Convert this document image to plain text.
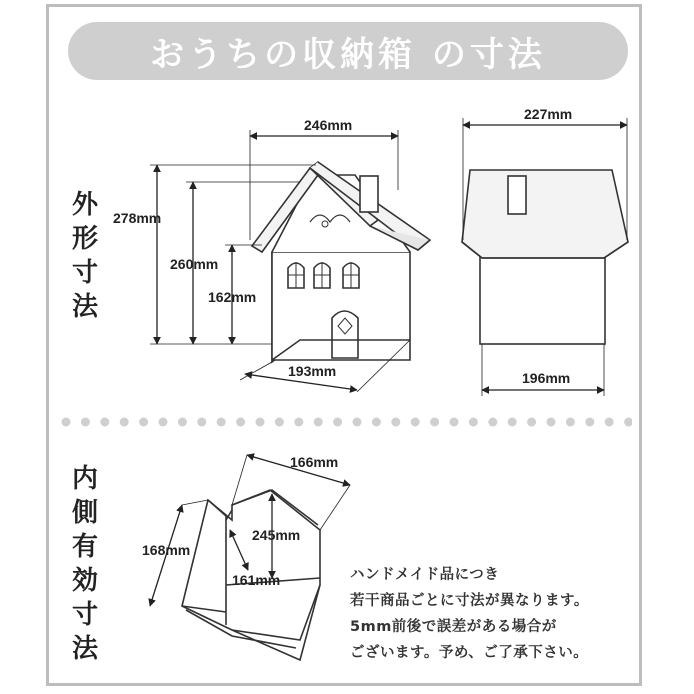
おうちの収納箱 の寸法
外
形
寸
法
内
側
有
効
寸
法
246mm
278mm
260mm
162mm
193mm
227mm
196mm
166mm
168mm
245mm
161mm	ハンドメイド品につき
若干商品ごとに寸法が異なります。
5mm前後で誤差がある場合が
ございます。予め、ご了承下さい。
